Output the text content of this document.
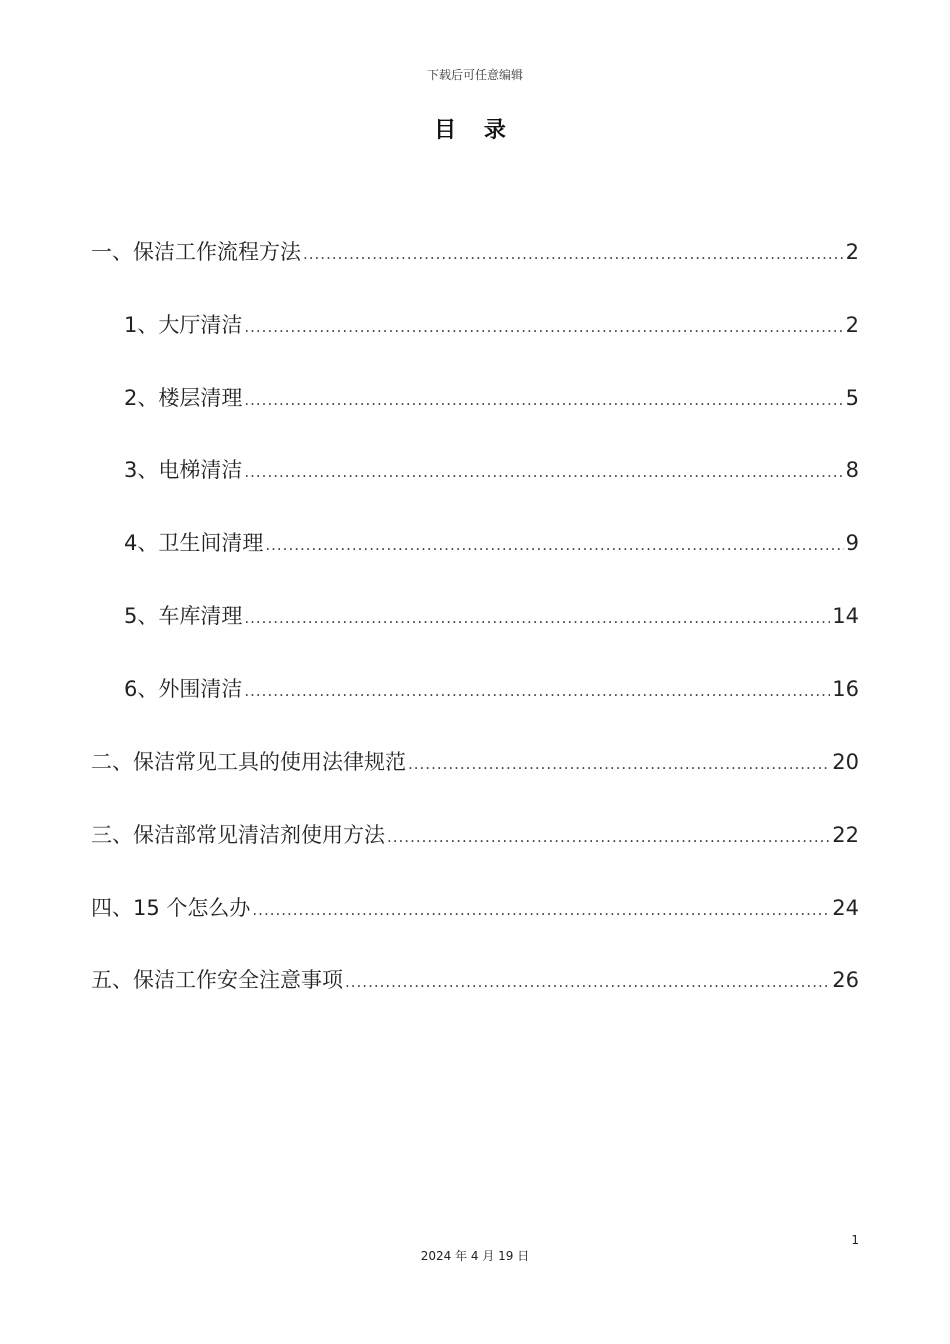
下载后可任意编辑
目 录
一、保洁工作流程方法 .....	2
1、大厅清洁 .....	2
2、楼层清理 .....	5
3、电梯清洁 .....	8
4、卫生间清理 .....	9
5、车库清理 .....	14
6、外围清洁 .....	16
二、保洁常见工具的使用法律规范 .....	20
三、保洁部常见清洁剂使用方法 .....	22
四、15 个怎么办 .....	24
五、保洁工作安全注意事项 .....	26
1
2024 年 4 月 19 日
